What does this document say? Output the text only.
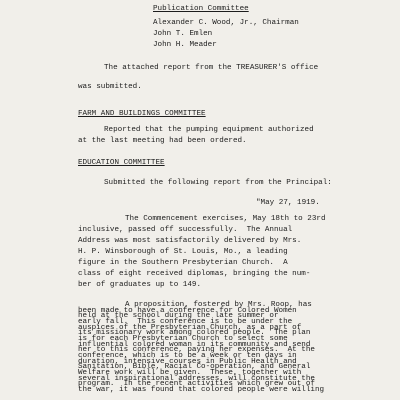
Publication Committee
Alexander C. Wood, Jr., Chairman
John T. Emlen
John H. Meader
The attached report from the TREASURER'S office
was submitted.
FARM AND BUILDINGS COMMITTEE
Reported that the pumping equipment authorized
at the last meeting had been ordered.
EDUCATION COMMITTEE
Submitted the following report from the Principal:
"May 27, 1919.
The Commencement exercises, May 18th to 23rd
inclusive, passed off successfully.  The Annual
Address was most satisfactorily delivered by Mrs.
H. P. Winsborough of St. Louis, Mo., a leading
figure in the Southern Presbyterian Church.  A
class of eight received diplomas, bringing the num-
ber of graduates up to 149.
A proposition, fostered by Mrs. Roop, has
been made to have a conference for Colored Women
held at the school during the late summer or
early fall.  This conference is to be under the
auspices of the Presbyterian Church, as a part of
its missionary work among colored people.  The plan
is for each Presbyterian Church to select some
influential colored woman in its community and send
her to this conference, paying her expenses.  At the
conference, which is to be a week or ten days in
duration, intensive courses in Public Health and
Sanitation, Bible, Racial Co-operation, and General
Welfare work will be given.  These, together with
several inspirational addresses, will constitute the
program.  In the recent activities which grew out of
the war, it was found that colored people were willing
